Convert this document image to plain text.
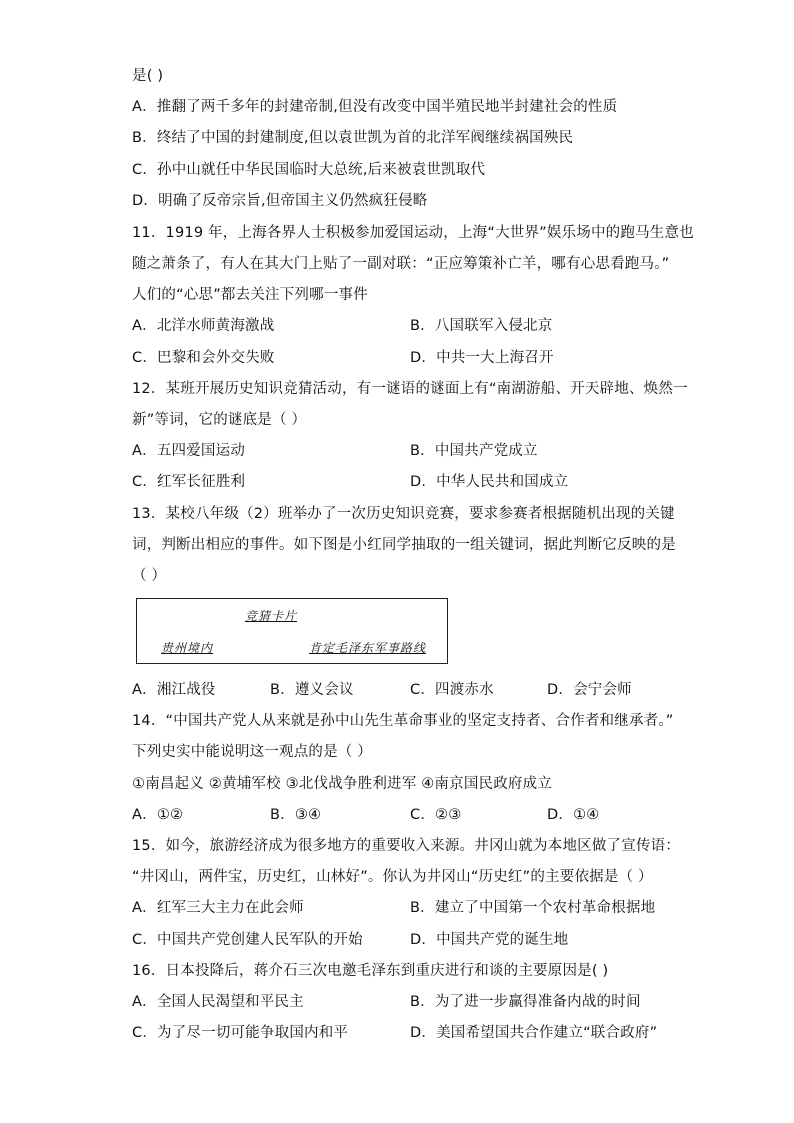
是( )
A．推翻了两千多年的封建帝制,但没有改变中国半殖民地半封建社会的性质
B．终结了中国的封建制度,但以袁世凯为首的北洋军阀继续祸国殃民
C．孙中山就任中华民国临时大总统,后来被袁世凯取代
D．明确了反帝宗旨,但帝国主义仍然疯狂侵略
11．1919 年，上海各界人士积极参加爱国运动，上海“大世界”娱乐场中的跑马生意也
随之萧条了，有人在其大门上贴了一副对联：“正应筹策补亡羊，哪有心思看跑马。”
人们的“心思”都去关注下列哪一事件
A．北洋水师黄海激战	B．八国联军入侵北京
C．巴黎和会外交失败	D．中共一大上海召开
12．某班开展历史知识竞猜活动，有一谜语的谜面上有“南湖游船、开天辟地、焕然一
新”等词，它的谜底是（ ）
A．五四爱国运动	B．中国共产党成立
C．红军长征胜利	D．中华人民共和国成立
13．某校八年级（2）班举办了一次历史知识竞赛，要求参赛者根据随机出现的关键
词，判断出相应的事件。如下图是小红同学抽取的一组关键词，据此判断它反映的是
（ ）
竞猜卡片
贵州境内	肯定毛泽东军事路线
A．湘江战役	B．遵义会议	C．四渡赤水	D．会宁会师
14．“中国共产党人从来就是孙中山先生革命事业的坚定支持者、合作者和继承者。”
下列史实中能说明这一观点的是（ ）
①南昌起义 ②黄埔军校 ③北伐战争胜利进军 ④南京国民政府成立
A．①②	B．③④	C．②③	D．①④
15．如今，旅游经济成为很多地方的重要收入来源。井冈山就为本地区做了宣传语：
“井冈山，两件宝，历史红，山林好”。你认为井冈山“历史红”的主要依据是（ ）
A．红军三大主力在此会师	B．建立了中国第一个农村革命根据地
C．中国共产党创建人民军队的开始	D．中国共产党的诞生地
16．日本投降后，蒋介石三次电邀毛泽东到重庆进行和谈的主要原因是( )
A．全国人民渴望和平民主	B．为了进一步赢得准备内战的时间
C．为了尽一切可能争取国内和平	D．美国希望国共合作建立“联合政府”
